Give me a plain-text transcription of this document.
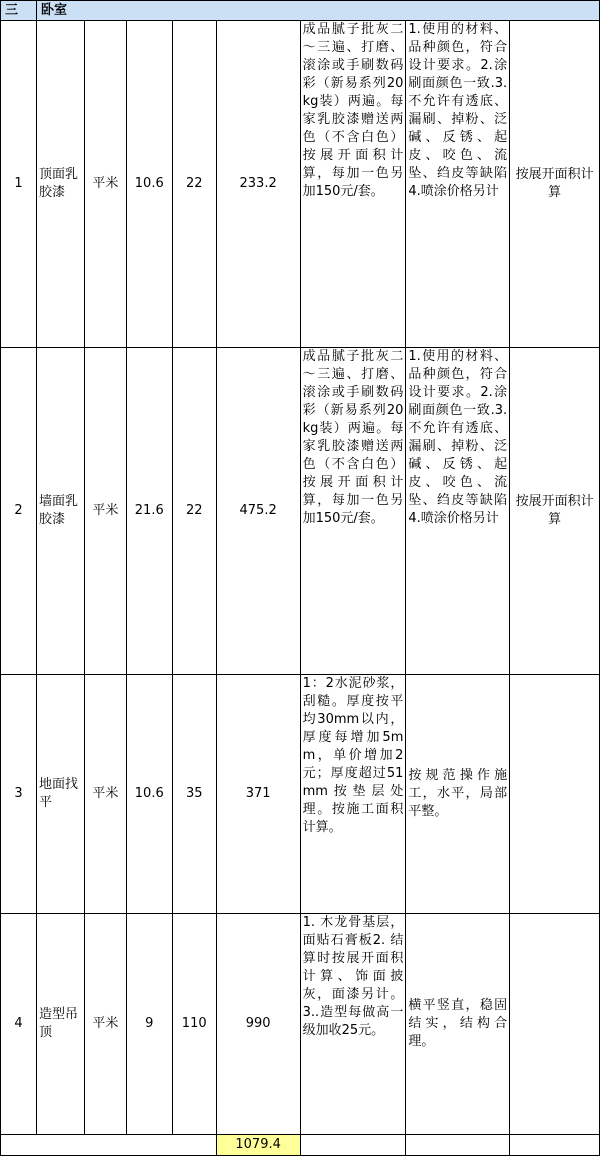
三	卧室							
1	顶面乳胶漆	平米	10.6	22	233.2	成品腻子批灰二～三遍、打磨、滚涂或手刷数码彩（新易系列20kg装）两遍。每家乳胶漆赠送两色（不含白色）按展开面积计算，每加一色另加150元/套。	1.使用的材料、品种颜色，符合设计要求。2.涂刷面颜色一致.3.不允许有透底、漏刷、掉粉、泛碱、反锈、起皮、咬色、流坠、绉皮等缺陷 4.喷涂价格另计	按展开面积计算
2	墙面乳胶漆	平米	21.6	22	475.2	成品腻子批灰二～三遍、打磨、滚涂或手刷数码彩（新易系列20kg装）两遍。每家乳胶漆赠送两色（不含白色）按展开面积计算，每加一色另加150元/套。	1.使用的材料、品种颜色，符合设计要求。2.涂刷面颜色一致.3.不允许有透底、漏刷、掉粉、泛碱、反锈、起皮、咬色、流坠、绉皮等缺陷 4.喷涂价格另计	按展开面积计算
3	地面找平	平米	10.6	35	371	1：2水泥砂浆，刮糙。厚度按平均30mm以内，厚度每增加5mm，单价增加2元；厚度超过51mm按垫层处理。按施工面积计算。	按规范操作施工，水平，局部平整。	
4	造型吊顶	平米	9	110	990	1. 木龙骨基层，面贴石膏板2. 结算时按展开面积计算、饰面披灰，面漆另计。3..造型每做高一级加收25元。	横平竖直，稳固结实，结构合理。	
					1079.4			
